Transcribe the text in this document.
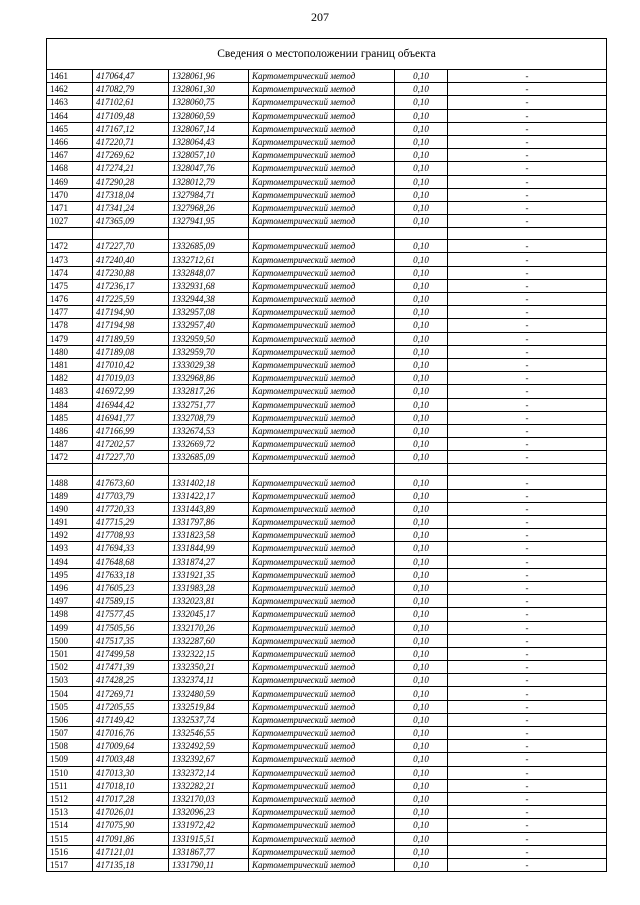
207
Сведения о местоположении границ объекта					
1461	417064,47	1328061,96	Картометрический метод	0,10	-
1462	417082,79	1328061,30	Картометрический метод	0,10	-
1463	417102,61	1328060,75	Картометрический метод	0,10	-
1464	417109,48	1328060,59	Картометрический метод	0,10	-
1465	417167,12	1328067,14	Картометрический метод	0,10	-
1466	417220,71	1328064,43	Картометрический метод	0,10	-
1467	417269,62	1328057,10	Картометрический метод	0,10	-
1468	417274,21	1328047,76	Картометрический метод	0,10	-
1469	417290,28	1328012,79	Картометрический метод	0,10	-
1470	417318,04	1327984,71	Картометрический метод	0,10	-
1471	417341,24	1327968,26	Картометрический метод	0,10	-
1027	417365,09	1327941,95	Картометрический метод	0,10	-

1472	417227,70	1332685,09	Картометрический метод	0,10	-
1473	417240,40	1332712,61	Картометрический метод	0,10	-
1474	417230,88	1332848,07	Картометрический метод	0,10	-
1475	417236,17	1332931,68	Картометрический метод	0,10	-
1476	417225,59	1332944,38	Картометрический метод	0,10	-
1477	417194,90	1332957,08	Картометрический метод	0,10	-
1478	417194,98	1332957,40	Картометрический метод	0,10	-
1479	417189,59	1332959,50	Картометрический метод	0,10	-
1480	417189,08	1332959,70	Картометрический метод	0,10	-
1481	417010,42	1333029,38	Картометрический метод	0,10	-
1482	417019,03	1332968,86	Картометрический метод	0,10	-
1483	416972,99	1332817,26	Картометрический метод	0,10	-
1484	416944,42	1332751,77	Картометрический метод	0,10	-
1485	416941,77	1332708,79	Картометрический метод	0,10	-
1486	417166,99	1332674,53	Картометрический метод	0,10	-
1487	417202,57	1332669,72	Картометрический метод	0,10	-
1472	417227,70	1332685,09	Картометрический метод	0,10	-

1488	417673,60	1331402,18	Картометрический метод	0,10	-
1489	417703,79	1331422,17	Картометрический метод	0,10	-
1490	417720,33	1331443,89	Картометрический метод	0,10	-
1491	417715,29	1331797,86	Картометрический метод	0,10	-
1492	417708,93	1331823,58	Картометрический метод	0,10	-
1493	417694,33	1331844,99	Картометрический метод	0,10	-
1494	417648,68	1331874,27	Картометрический метод	0,10	-
1495	417633,18	1331921,35	Картометрический метод	0,10	-
1496	417605,23	1331983,28	Картометрический метод	0,10	-
1497	417589,15	1332023,81	Картометрический метод	0,10	-
1498	417577,45	1332045,17	Картометрический метод	0,10	-
1499	417505,56	1332170,26	Картометрический метод	0,10	-
1500	417517,35	1332287,60	Картометрический метод	0,10	-
1501	417499,58	1332322,15	Картометрический метод	0,10	-
1502	417471,39	1332350,21	Картометрический метод	0,10	-
1503	417428,25	1332374,11	Картометрический метод	0,10	-
1504	417269,71	1332480,59	Картометрический метод	0,10	-
1505	417205,55	1332519,84	Картометрический метод	0,10	-
1506	417149,42	1332537,74	Картометрический метод	0,10	-
1507	417016,76	1332546,55	Картометрический метод	0,10	-
1508	417009,64	1332492,59	Картометрический метод	0,10	-
1509	417003,48	1332392,67	Картометрический метод	0,10	-
1510	417013,30	1332372,14	Картометрический метод	0,10	-
1511	417018,10	1332282,21	Картометрический метод	0,10	-
1512	417017,28	1332170,03	Картометрический метод	0,10	-
1513	417026,01	1332096,23	Картометрический метод	0,10	-
1514	417075,90	1331972,42	Картометрический метод	0,10	-
1515	417091,86	1331915,51	Картометрический метод	0,10	-
1516	417121,01	1331867,77	Картометрический метод	0,10	-
1517	417135,18	1331790,11	Картометрический метод	0,10	-
